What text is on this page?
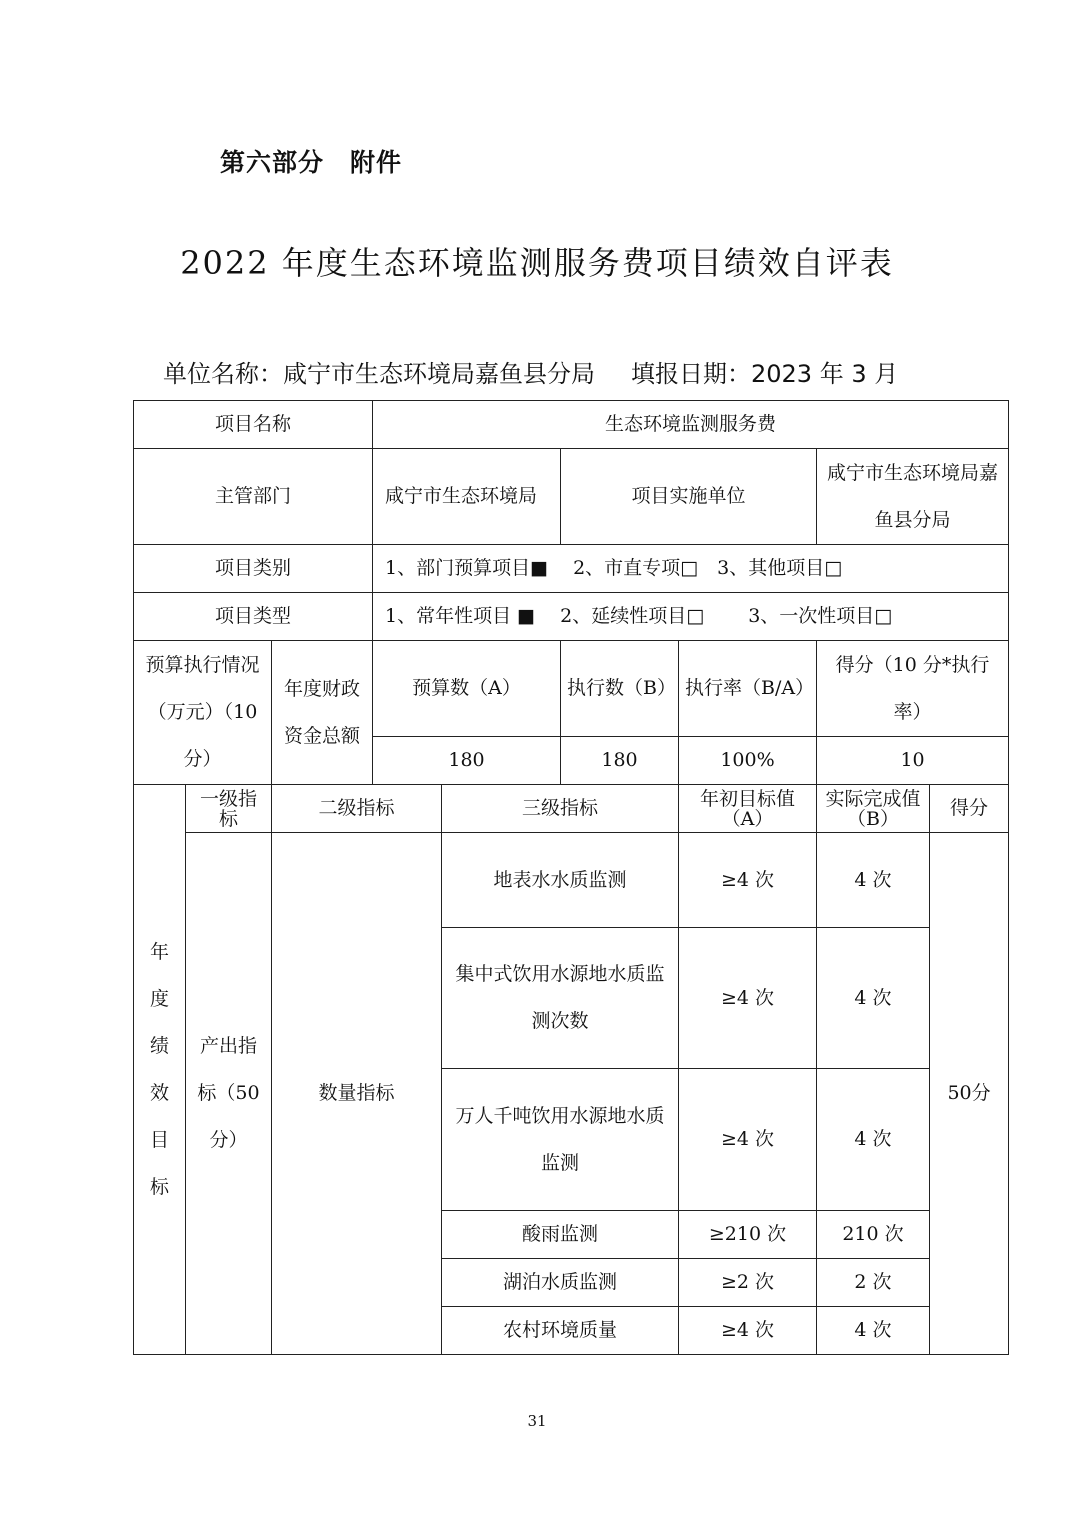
第六部分　附件
2022 年度生态环境监测服务费项目绩效自评表
单位名称：咸宁市生态环境局嘉鱼县分局 填报日期：2023 年 3 月
项目名称			生态环境监测服务费					
主管部门			咸宁市生态环境局		项目实施单位		咸宁市生态环境局嘉鱼县分局	
项目类别			1、部门预算项目■　 2、市直专项□　3、其他项目□					
项目类型			1、常年性项目 ■　 2、延续性项目□　　 3、一次性项目□					
预算执行情况（万元）（10 分）		年度财政资金总额	预算数（A）		执行数（B）	执行率（B/A）	得分（10 分*执行率）	
			180		180	100%	10	

年度绩效目标	一级指标	二级指标		三级指标		年初目标值（A）	实际完成值（B）	得分
	产出指标（50 分）	数量指标		地表水水质监测		≥4 次	4 次	50分
				集中式饮用水源地水质监测次数		≥4 次	4 次	
				万人千吨饮用水源地水质监测		≥4 次	4 次	
				酸雨监测		≥210 次	210 次	
				湖泊水质监测		≥2 次	2 次	
				农村环境质量		≥4 次	4 次	
31
